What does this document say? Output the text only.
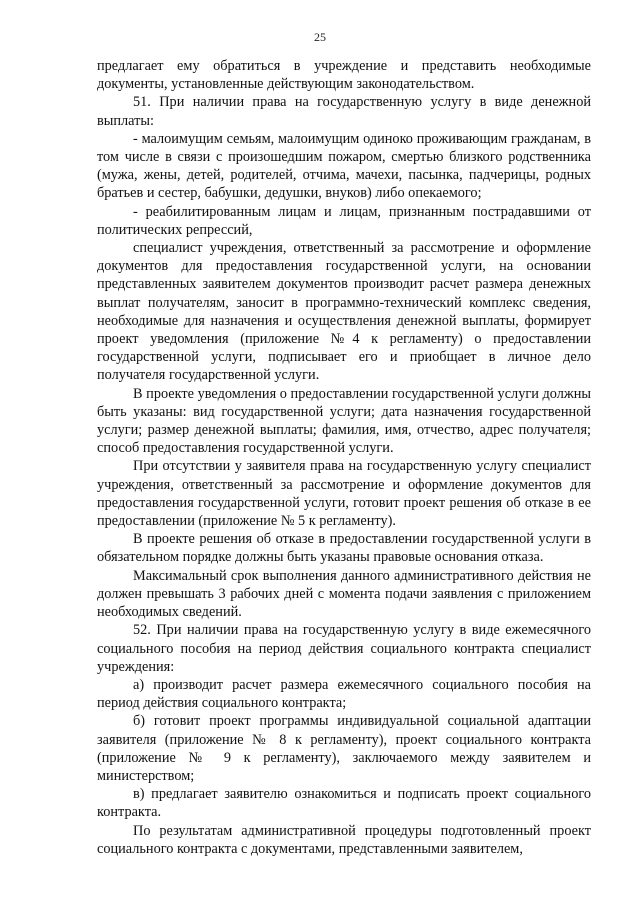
25

предлагает ему обратиться в учреждение и представить необходимые документы, установленные действующим законодательством.

51. При наличии права на государственную услугу в виде денежной выплаты:

- малоимущим семьям, малоимущим одиноко проживающим гражданам, в том числе в связи с произошедшим пожаром, смертью близкого родственника (мужа, жены, детей, родителей, отчима, мачехи, пасынка, падчерицы, родных братьев и сестер, бабушки, дедушки, внуков) либо опекаемого;

- реабилитированным лицам и лицам, признанным пострадавшими от политических репрессий,

специалист учреждения, ответственный за рассмотрение и оформление документов для предоставления государственной услуги, на основании представленных заявителем документов производит расчет размера денежных выплат получателям, заносит в программно-технический комплекс сведения, необходимые для назначения и осуществления денежной выплаты, формирует проект уведомления (приложение №4 к регламенту) о предоставлении государственной услуги, подписывает его и приобщает в личное дело получателя государственной услуги.

В проекте уведомления о предоставлении государственной услуги должны быть указаны: вид государственной услуги; дата назначения государственной услуги; размер денежной выплаты; фамилия, имя, отчество, адрес получателя; способ предоставления государственной услуги.

При отсутствии у заявителя права на государственную услугу специалист учреждения, ответственный за рассмотрение и оформление документов для предоставления государственной услуги, готовит проект решения об отказе в ее предоставлении (приложение № 5 к регламенту).

В проекте решения об отказе в предоставлении государственной услуги в обязательном порядке должны быть указаны правовые основания отказа.

Максимальный срок выполнения данного административного действия не должен превышать 3 рабочих дней с момента подачи заявления с приложением необходимых сведений.

52. При наличии права на государственную услугу в виде ежемесячного социального пособия на период действия социального контракта специалист учреждения:

а) производит расчет размера ежемесячного социального пособия на период действия социального контракта;

б) готовит проект программы индивидуальной социальной адаптации заявителя (приложение № 8 к регламенту), проект социального контракта (приложение № 9 к регламенту), заключаемого между заявителем и министерством;

в) предлагает заявителю ознакомиться и подписать проект социального контракта.

По результатам административной процедуры подготовленный проект социального контракта с документами, представленными заявителем,
